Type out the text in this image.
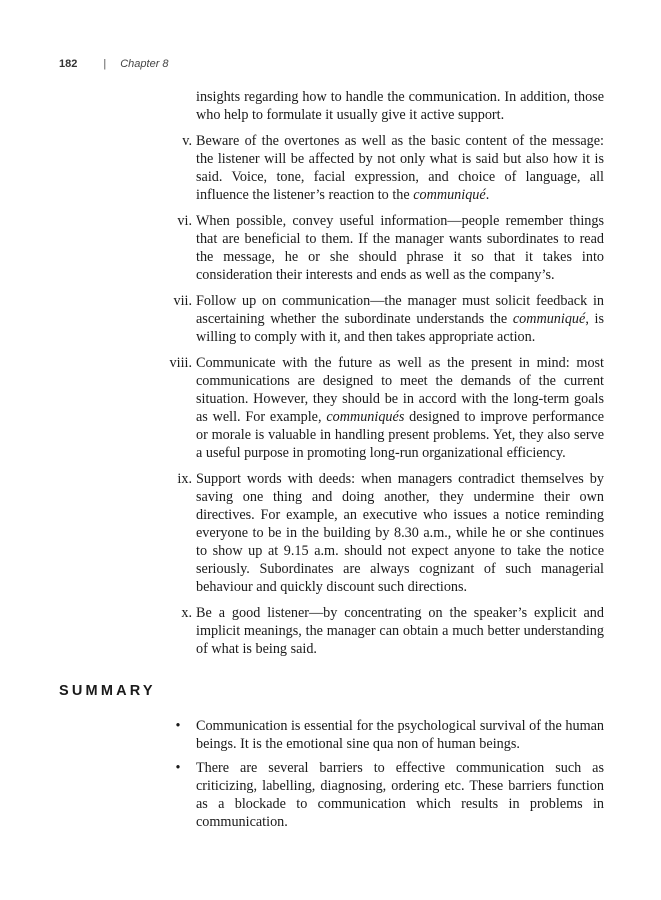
182 | Chapter 8

insights regarding how to handle the communication. In addition, those who help to formulate it usually give it active support.

v. Beware of the overtones as well as the basic content of the message: the listener will be affected by not only what is said but also how it is said. Voice, tone, facial expression, and choice of language, all influence the listener’s reaction to the communiqué.

vi. When possible, convey useful information—people remember things that are beneficial to them. If the manager wants subordinates to read the message, he or she should phrase it so that it takes into consideration their interests and ends as well as the company’s.

vii. Follow up on communication—the manager must solicit feedback in ascertaining whether the subordinate understands the communiqué, is willing to comply with it, and then takes appropriate action.

viii. Communicate with the future as well as the present in mind: most communications are designed to meet the demands of the current situation. However, they should be in accord with the long-term goals as well. For example, communiqués designed to improve performance or morale is valuable in handling present problems. Yet, they also serve a useful purpose in promoting long-run organizational efficiency.

ix. Support words with deeds: when managers contradict themselves by saving one thing and doing another, they undermine their own directives. For example, an executive who issues a notice reminding everyone to be in the building by 8.30 a.m., while he or she continues to show up at 9.15 a.m. should not expect anyone to take the notice seriously. Subordinates are always cognizant of such managerial behaviour and quickly discount such directions.

x. Be a good listener—by concentrating on the speaker’s explicit and implicit meanings, the manager can obtain a much better understanding of what is being said.

SUMMARY

• Communication is essential for the psychological survival of the human beings. It is the emotional sine qua non of human beings.

• There are several barriers to effective communication such as criticizing, labelling, diagnosing, ordering etc. These barriers function as a blockade to communication which results in problems in communication.
